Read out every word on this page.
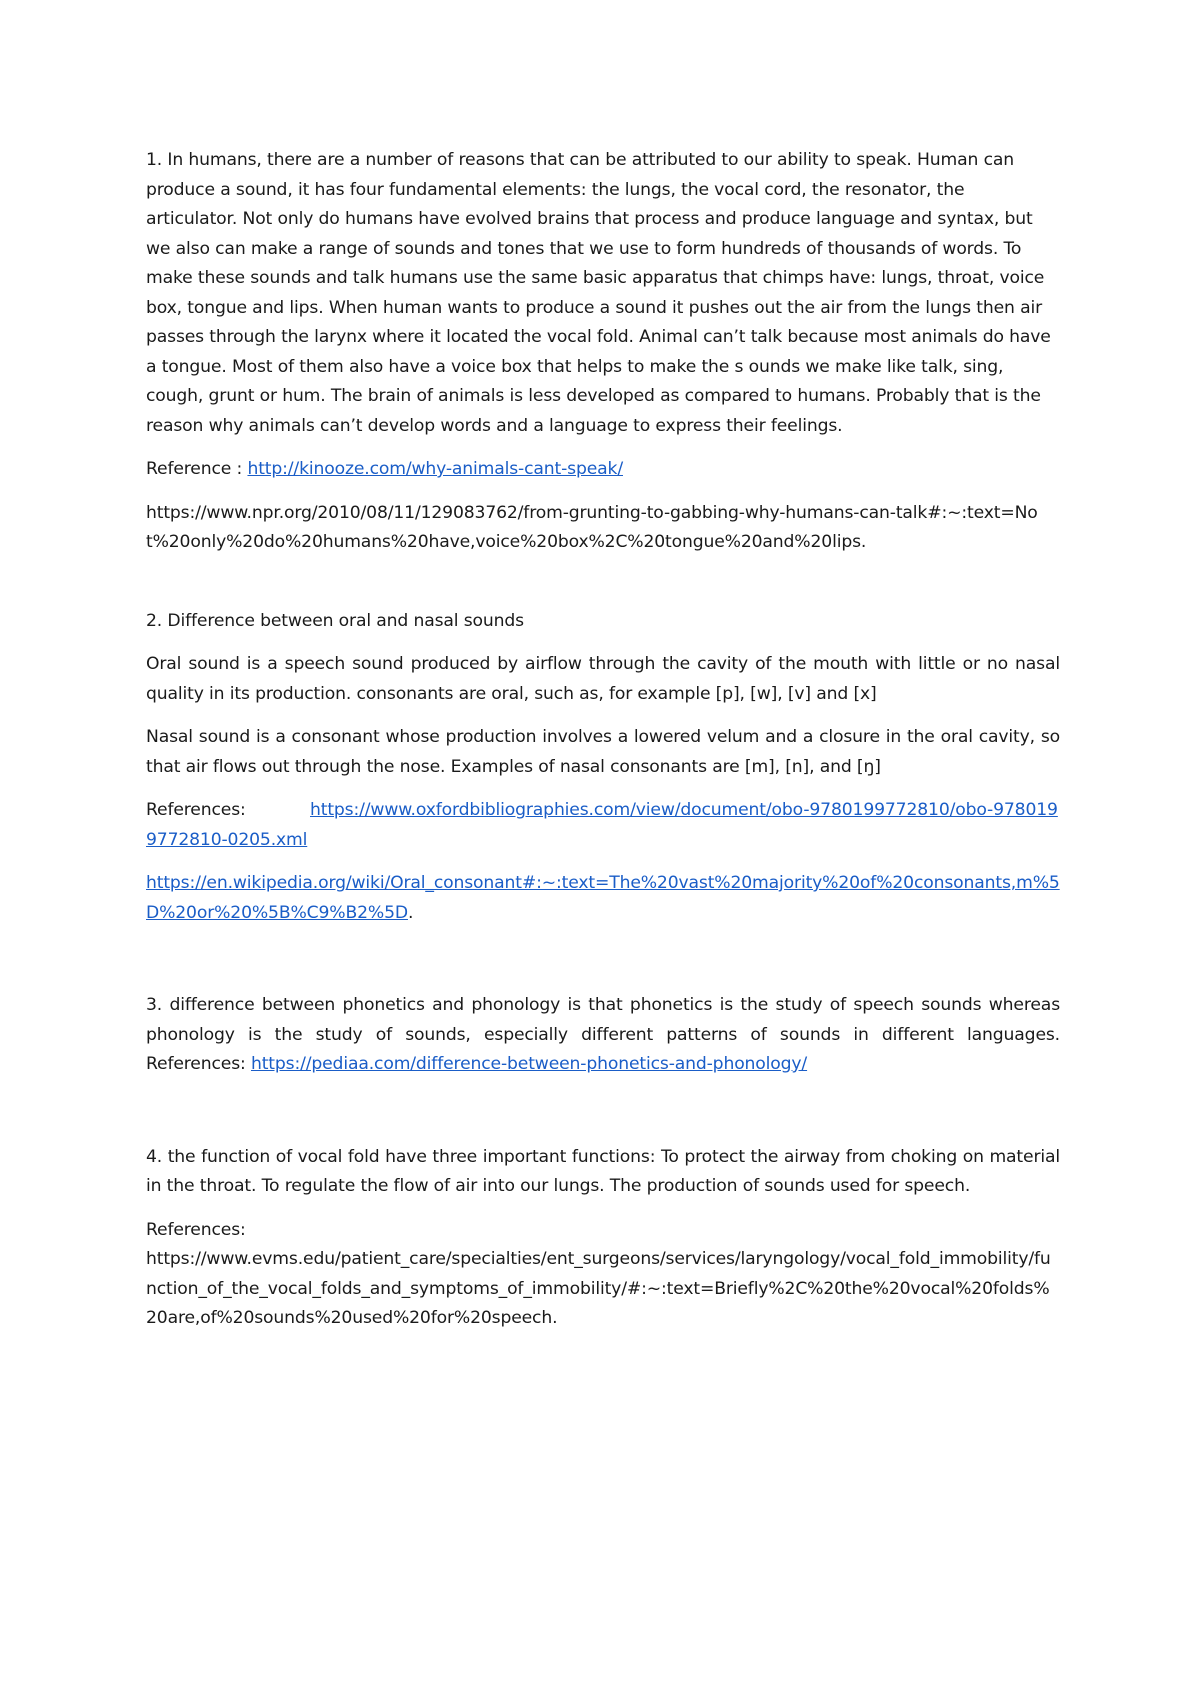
1. In humans, there are a number of reasons that can be attributed to our ability to speak. Human can produce a sound, it has four fundamental elements: the lungs, the vocal cord, the resonator, the articulator. Not only do humans have evolved brains that process and produce language and syntax, but we also can make a range of sounds and tones that we use to form hundreds of thousands of words. To make these sounds and talk humans use the same basic apparatus that chimps have: lungs, throat, voice box, tongue and lips. When human wants to produce a sound it pushes out the air from the lungs then air passes through the larynx where it located the vocal fold. Animal can’t talk because most animals do have a tongue. Most of them also have a voice box that helps to make the s ounds we make like talk, sing, cough, grunt or hum. The brain of animals is less developed as compared to humans. Probably that is the reason why animals can’t develop words and a language to express their feelings.

Reference : http://kinooze.com/why-animals-cant-speak/

https://www.npr.org/2010/08/11/129083762/from-grunting-to-gabbing-why-humans-can-talk#:~:text=Not%20only%20do%20humans%20have,voice%20box%2C%20tongue%20and%20lips.

2. Difference between oral and nasal sounds

Oral sound is a speech sound produced by airflow through the cavity of the mouth with little or no nasal quality in its production. consonants are oral, such as, for example [p], [w], [v] and [x]

Nasal sound is a consonant whose production involves a lowered velum and a closure in the oral cavity, so that air flows out through the nose. Examples of nasal consonants are [m], [n], and [ŋ]

References:	https://www.oxfordbibliographies.com/view/document/obo-9780199772810/obo-9780199772810-0205.xml

https://en.wikipedia.org/wiki/Oral_consonant#:~:text=The%20vast%20majority%20of%20consonants,m%5D%20or%20%5B%C9%B2%5D.

3. difference between phonetics and phonology is that phonetics is the study of speech sounds whereas phonology is the study of sounds, especially different patterns of sounds in different languages. References: https://pediaa.com/difference-between-phonetics-and-phonology/

4. the function of vocal fold have three important functions: To protect the airway from choking on material in the throat. To regulate the flow of air into our lungs. The production of sounds used for speech.

References:
https://www.evms.edu/patient_care/specialties/ent_surgeons/services/laryngology/vocal_fold_immobility/function_of_the_vocal_folds_and_symptoms_of_immobility/#:~:text=Briefly%2C%20the%20vocal%20folds%20are,of%20sounds%20used%20for%20speech.
